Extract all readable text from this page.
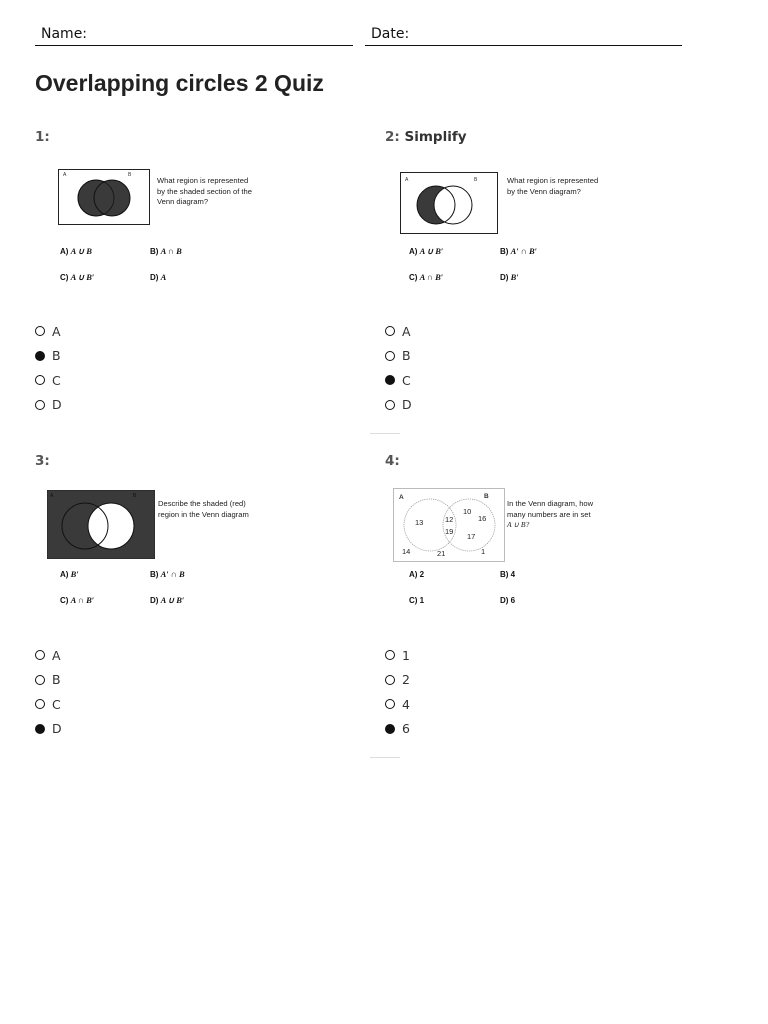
Name:	Date:
Overlapping circles 2 Quiz
1:
A	B
What region is represented
by the shaded section of the
Venn diagram?
A) A ∪ B	B) A ∩ B
C) A ∪ B′	D) A
A
B
C
D
2: Simplify
A	B	What region is represented
by the Venn diagram?
A) A ∪ B′	B) A′ ∩ B′
C) A ∩ B′	D) B′
A
B
C
D
3:
A	B
Describe the shaded (red)
region in the Venn diagram
A) B′	B) A′ ∩ B
C) A ∩ B′	D) A ∪ B′
A
B
C
D
4:
A	B
13
10
12	16
19
17
14	21	1
In the Venn diagram, how
many numbers are in set
A ∪ B?
A) 2	B) 4
C) 1	D) 6
1
2
4
6
